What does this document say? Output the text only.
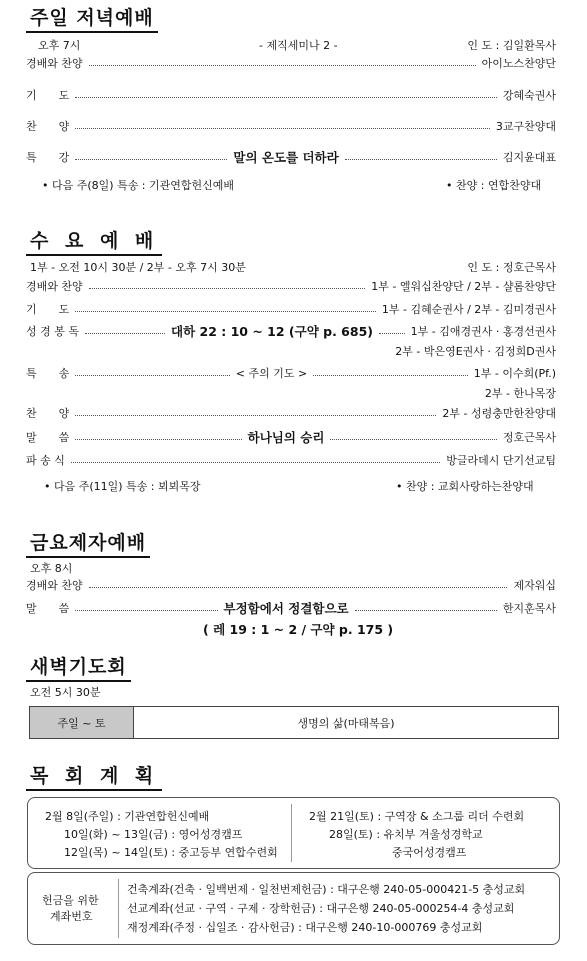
주일 저녁예배
오후 7시	- 제직세미나 2 -	인 도 : 김일환목사
경배와 찬양	아이노스찬양단
기　　도	강혜숙권사
찬　　양	3교구찬양대
특　　강	말의 온도를 더하라	김지윤대표
• 다음 주(8일) 특송 : 기관연합헌신예배	• 찬양 : 연합찬양대
수 요 예 배
1부 - 오전 10시 30분 / 2부 - 오후 7시 30분	인 도 : 정호근목사
경배와 찬양	1부 - 엘워십찬양단 / 2부 - 샬롬찬양단
기　　도	1부 - 김혜순권사 / 2부 - 김미경권사
성 경 봉 독	대하 22 : 10 ~ 12 (구약 p. 685)	1부 - 김애경권사 · 홍경선권사
2부 - 박은영E권사 · 김정희D권사
특　　송	< 주의 기도 >	1부 - 이수희(Pf.)
2부 - 한나목장
찬　　양	2부 - 성령충만한찬양대
말　　씀	하나님의 승리	정호근목사
파 송 식	방글라데시 단기선교팀
• 다음 주(11일) 특송 : 뵈뵈목장	• 찬양 : 교회사랑하는찬양대
금요제자예배
오후 8시
경배와 찬양	제자워십
말　　씀	부정함에서 정결함으로	한지훈목사
( 레 19 : 1 ~ 2 / 구약 p. 175 )
새벽기도회
오전 5시 30분
주일 ~ 토	생명의 삶(마태복음)
목 회 계 획
2월 8일(주일) : 기관연합헌신예배
10일(화) ~ 13일(금) : 영어성경캠프
12일(목) ~ 14일(토) : 중고등부 연합수련회
2월 21일(토) : 구역장 & 소그룹 리더 수련회
28일(토) : 유치부 겨울성경학교
중국어성경캠프
헌금을 위한
계좌번호
건축계좌(건축 · 일백번제 · 일천번제헌금) : 대구은행 240-05-000421-5 충성교회
선교계좌(선교 · 구역 · 구제 · 장학헌금) : 대구은행 240-05-000254-4 충성교회
재정계좌(주정 · 십일조 · 감사헌금) : 대구은행 240-10-000769 충성교회
